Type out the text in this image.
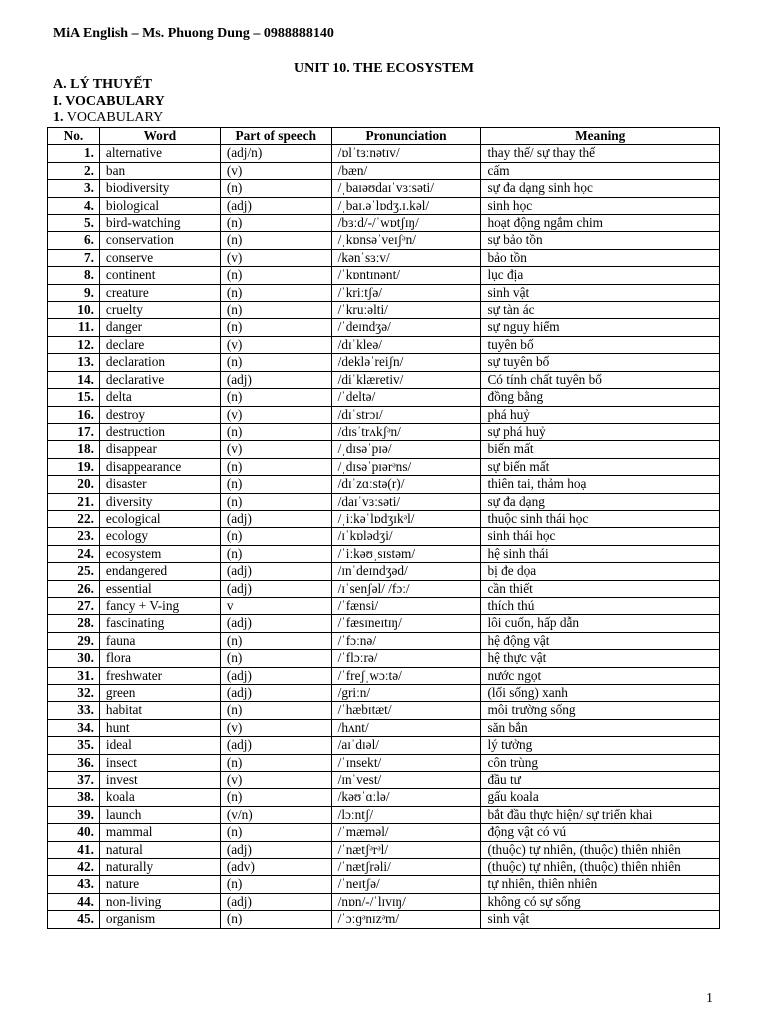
MiA English – Ms. Phuong Dung – 0988888140
UNIT 10. THE ECOSYSTEM
A. LÝ THUYẾT
I. VOCABULARY
1. VOCABULARY
No.	Word	Part of speech	Pronunciation	Meaning
1.	alternative	(adj/n)	/ɒlˈtɜːnətɪv/	thay thế/ sự thay thế
2.	ban	(v)	/bæn/	cấm
3.	biodiversity	(n)	/ˌbaɪəʊdaɪˈvɜːsəti/	sự đa dạng sinh học
4.	biological	(adj)	/ˌbaɪ.əˈlɒdʒ.ɪ.kəl/	sinh học
5.	bird-watching	(n)	/bɜːd/-/ˈwɒtʃɪŋ/	hoạt động ngắm chim
6.	conservation	(n)	/ˌkɒnsəˈveɪʃᵊn/	sự bảo tồn
7.	conserve	(v)	/kənˈsɜːv/	bảo tồn
8.	continent	(n)	/ˈkɒntɪnənt/	lục địa
9.	creature	(n)	/ˈkriːtʃə/	sinh vật
10.	cruelty	(n)	/ˈkruːəlti/	sự tàn ác
11.	danger	(n)	/ˈdeɪndʒə/	sự nguy hiểm
12.	declare	(v)	/dɪˈkleə/	tuyên bố
13.	declaration	(n)	/dekləˈreiʃn/	sự tuyên bố
14.	declarative	(adj)	/diˈklæretiv/	Có tính chất tuyên bố
15.	delta	(n)	/ˈdeltə/	đồng bằng
16.	destroy	(v)	/dɪˈstrɔɪ/	phá huỷ
17.	destruction	(n)	/dɪsˈtrʌkʃᵊn/	sự phá huỷ
18.	disappear	(v)	/ˌdɪsəˈpɪə/	biến mất
19.	disappearance	(n)	/ˌdɪsəˈpɪərᵊns/	sự biến mất
20.	disaster	(n)	/dɪˈzɑːstə(r)/	thiên tai, thảm hoạ
21.	diversity	(n)	/daɪˈvɜːsəti/	sự đa dạng
22.	ecological	(adj)	/ˌiːkəˈlɒdʒɪkᵊl/	thuộc sinh thái học
23.	ecology	(n)	/ɪˈkɒlədʒi/	sinh thái học
24.	ecosystem	(n)	/ˈiːkəʊˌsɪstəm/	hệ sinh thái
25.	endangered	(adj)	/ɪnˈdeɪndʒəd/	bị đe dọa
26.	essential	(adj)	/ɪˈsenʃəl/ /fɔː/	cần thiết
27.	fancy + V-ing	v	/ˈfænsi/	thích thú
28.	fascinating	(adj)	/ˈfæsɪneɪtɪŋ/	lôi cuốn, hấp dẫn
29.	fauna	(n)	/ˈfɔːnə/	hệ động vật
30.	flora	(n)	/ˈflɔːrə/	hệ thực vật
31.	freshwater	(adj)	/ˈfreʃˌwɔːtə/	nước ngọt
32.	green	(adj)	/griːn/	(lối sống) xanh
33.	habitat	(n)	/ˈhæbɪtæt/	môi trường sống
34.	hunt	(v)	/hʌnt/	săn bắn
35.	ideal	(adj)	/aɪˈdɪəl/	lý tưởng
36.	insect	(n)	/ˈɪnsekt/	côn trùng
37.	invest	(v)	/ɪnˈvest/	đầu tư
38.	koala	(n)	/kəʊˈɑːlə/	gấu koala
39.	launch	(v/n)	/lɔːntʃ/	bắt đầu thực hiện/ sự triển khai
40.	mammal	(n)	/ˈmæməl/	động vật có vú
41.	natural	(adj)	/ˈnætʃᵊrᵊl/	(thuộc) tự nhiên, (thuộc) thiên nhiên
42.	naturally	(adv)	/ˈnætʃrəli/	(thuộc) tự nhiên, (thuộc) thiên nhiên
43.	nature	(n)	/ˈneɪtʃə/	tự nhiên, thiên nhiên
44.	non-living	(adj)	/nɒn/-/ˈlɪvɪŋ/	không có sự sống
45.	organism	(n)	/ˈɔːɡᵊnɪzᵊm/	sinh vật
1
